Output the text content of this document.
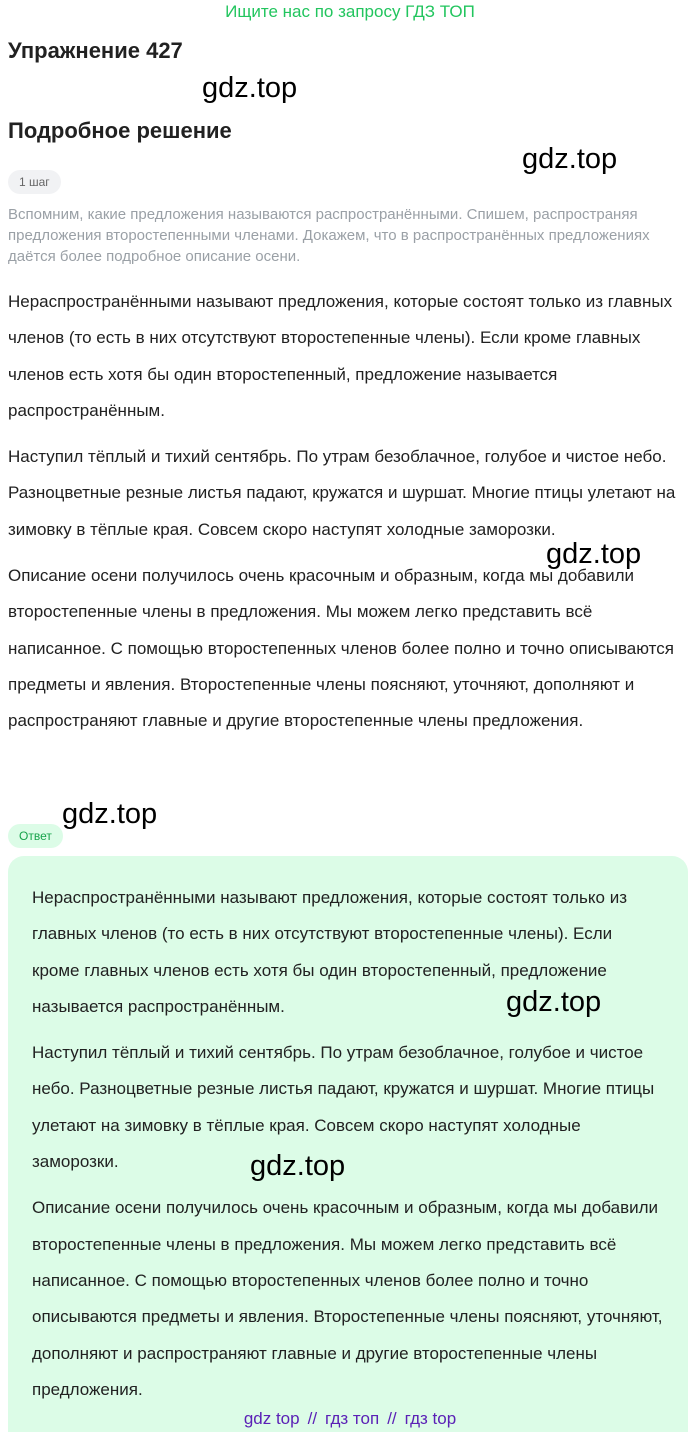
Ищите нас по запросу ГДЗ ТОП
Упражнение 427
Подробное решение
1 шаг

Вспомним, какие предложения называются распространёнными. Спишем, распространяя предложения второстепенными членами. Докажем, что в распространённых предложениях даётся более подробное описание осени.

Нераспространёнными называют предложения, которые состоят только из главных членов (то есть в них отсутствуют второстепенные члены). Если кроме главных членов есть хотя бы один второстепенный, предложение называется распространённым.

Наступил тёплый и тихий сентябрь. По утрам безоблачное, голубое и чистое небо. Разноцветные резные листья падают, кружатся и шуршат. Многие птицы улетают на зимовку в тёплые края. Совсем скоро наступят холодные заморозки.

Описание осени получилось очень красочным и образным, когда мы добавили второстепенные члены в предложения. Мы можем легко представить всё написанное. С помощью второстепенных членов более полно и точно описываются предметы и явления. Второстепенные члены поясняют, уточняют, дополняют и распространяют главные и другие второстепенные члены предложения.

Ответ

Нераспространёнными называют предложения, которые состоят только из главных членов (то есть в них отсутствуют второстепенные члены). Если кроме главных членов есть хотя бы один второстепенный, предложение называется распространённым.

Наступил тёплый и тихий сентябрь. По утрам безоблачное, голубое и чистое небо. Разноцветные резные листья падают, кружатся и шуршат. Многие птицы улетают на зимовку в тёплые края. Совсем скоро наступят холодные заморозки.

Описание осени получилось очень красочным и образным, когда мы добавили второстепенные члены в предложения. Мы можем легко представить всё написанное. С помощью второстепенных членов более полно и точно описываются предметы и явления. Второстепенные члены поясняют, уточняют, дополняют и распространяют главные и другие второстепенные члены предложения.

gdz.top
gdz.top
gdz.top
gdz.top
gdz.top
gdz.top
gdz top // гдз топ // гдз top
